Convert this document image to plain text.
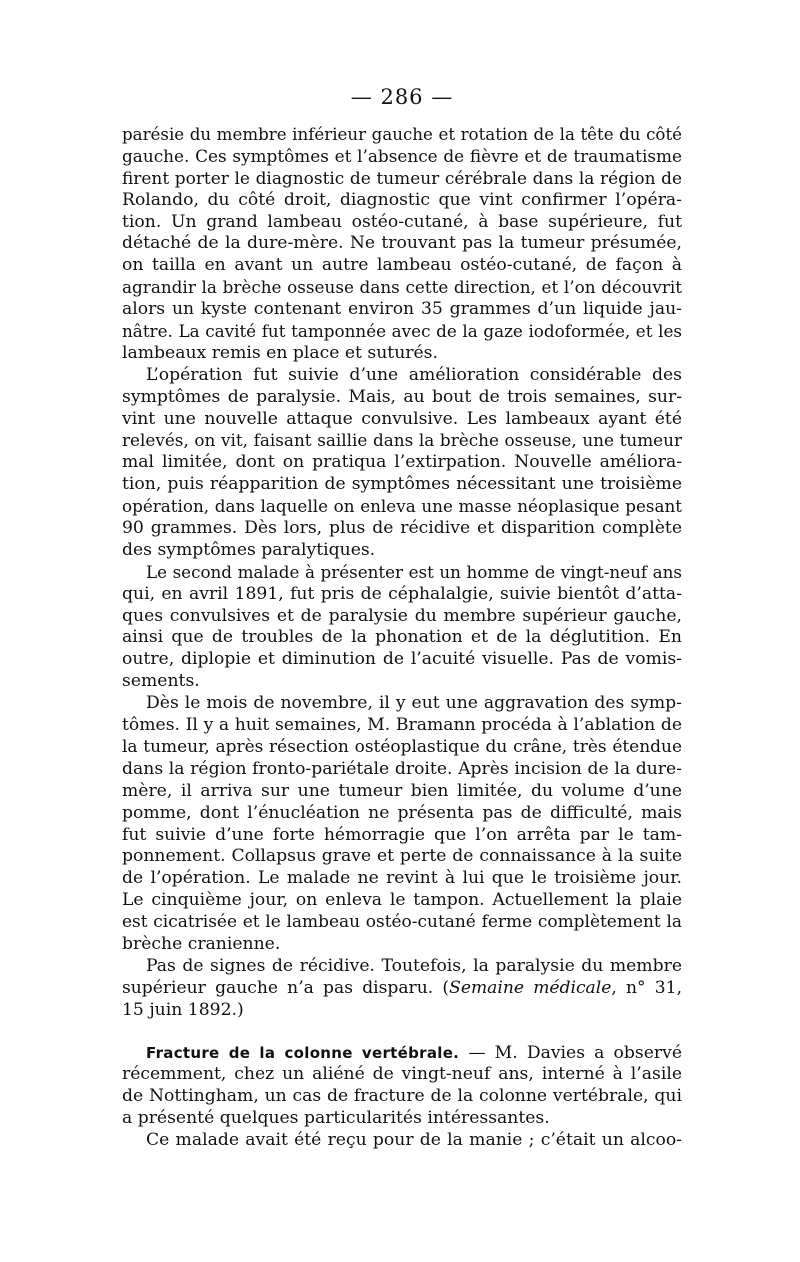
— 286 —
parésie du membre inférieur gauche et rotation de la tête du côté
gauche. Ces symptômes et l’absence de fièvre et de traumatisme
firent porter le diagnostic de tumeur cérébrale dans la région de
Rolando, du côté droit, diagnostic que vint confirmer l’opéra-
tion. Un grand lambeau ostéo-cutané, à base supérieure, fut
détaché de la dure-mère. Ne trouvant pas la tumeur présumée,
on tailla en avant un autre lambeau ostéo-cutané, de façon à
agrandir la brèche osseuse dans cette direction, et l’on découvrit
alors un kyste contenant environ 35 grammes d’un liquide jau-
nâtre. La cavité fut tamponnée avec de la gaze iodoformée, et les
lambeaux remis en place et suturés.
L’opération fut suivie d’une amélioration considérable des
symptômes de paralysie. Mais, au bout de trois semaines, sur-
vint une nouvelle attaque convulsive. Les lambeaux ayant été
relevés, on vit, faisant saillie dans la brèche osseuse, une tumeur
mal limitée, dont on pratiqua l’extirpation. Nouvelle améliora-
tion, puis réapparition de symptômes nécessitant une troisième
opération, dans laquelle on enleva une masse néoplasique pesant
90 grammes. Dès lors, plus de récidive et disparition complète
des symptômes paralytiques.
Le second malade à présenter est un homme de vingt-neuf ans
qui, en avril 1891, fut pris de céphalalgie, suivie bientôt d’atta-
ques convulsives et de paralysie du membre supérieur gauche,
ainsi que de troubles de la phonation et de la déglutition. En
outre, diplopie et diminution de l’acuité visuelle. Pas de vomis-
sements.
Dès le mois de novembre, il y eut une aggravation des symp-
tômes. Il y a huit semaines, M. Bramann procéda à l’ablation de
la tumeur, après résection ostéoplastique du crâne, très étendue
dans la région fronto-pariétale droite. Après incision de la dure-
mère, il arriva sur une tumeur bien limitée, du volume d’une
pomme, dont l’énucléation ne présenta pas de difficulté, mais
fut suivie d’une forte hémorragie que l’on arrêta par le tam-
ponnement. Collapsus grave et perte de connaissance à la suite
de l’opération. Le malade ne revint à lui que le troisième jour.
Le cinquième jour, on enleva le tampon. Actuellement la plaie
est cicatrisée et le lambeau ostéo-cutané ferme complètement la
brèche cranienne.
Pas de signes de récidive. Toutefois, la paralysie du membre
supérieur gauche n’a pas disparu. (Semaine médicale, n° 31,
15 juin 1892.)
Fracture de la colonne vertébrale. — M. Davies a observé
récemment, chez un aliéné de vingt-neuf ans, interné à l’asile
de Nottingham, un cas de fracture de la colonne vertébrale, qui
a présenté quelques particularités intéressantes.
Ce malade avait été reçu pour de la manie ; c’était un alcoo-
